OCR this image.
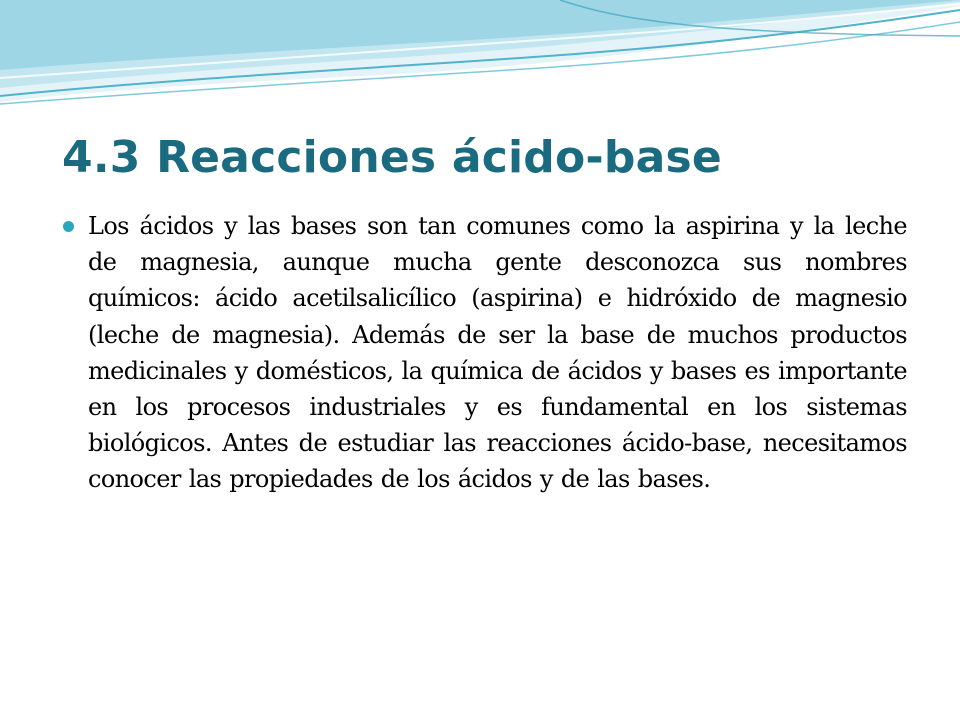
4.3 Reacciones ácido-base

Los ácidos y las bases son tan comunes como la aspirina y la leche de magnesia, aunque mucha gente desconozca sus nombres químicos: ácido acetilsalicílico (aspirina) e hidróxido de magnesio (leche de magnesia). Además de ser la base de muchos productos medicinales y domésticos, la química de ácidos y bases es importante en los procesos industriales y es fundamental en los sistemas biológicos. Antes de estudiar las reacciones ácido-base, necesitamos conocer las propiedades de los ácidos y de las bases.
